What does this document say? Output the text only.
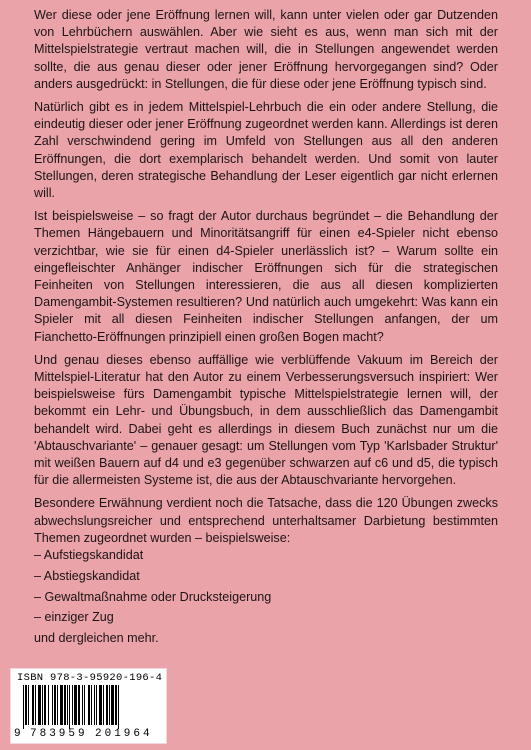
Wer diese oder jene Eröffnung lernen will, kann unter vielen oder gar Dutzenden von Lehrbüchern auswählen. Aber wie sieht es aus, wenn man sich mit der Mittelspielstrategie vertraut machen will, die in Stellungen angewendet werden sollte, die aus genau dieser oder jener Eröffnung hervorgegangen sind? Oder anders ausgedrückt: in Stellungen, die für diese oder jene Eröffnung typisch sind.

Natürlich gibt es in jedem Mittelspiel-Lehrbuch die ein oder andere Stellung, die eindeutig dieser oder jener Eröffnung zugeordnet werden kann. Allerdings ist deren Zahl verschwindend gering im Umfeld von Stellungen aus all den anderen Eröffnungen, die dort exemplarisch behandelt werden. Und somit von lauter Stellungen, deren strategische Behandlung der Leser eigentlich gar nicht erlernen will.

Ist beispielsweise – so fragt der Autor durchaus begründet – die Behandlung der Themen Hängebauern und Minoritätsangriff für einen e4-Spieler nicht ebenso verzichtbar, wie sie für einen d4-Spieler unerlässlich ist? – Warum sollte ein eingefleischter Anhänger indischer Eröffnungen sich für die strategischen Feinheiten von Stellungen interessieren, die aus all diesen komplizierten Damengambit-Systemen resultieren? Und natürlich auch umgekehrt: Was kann ein Spieler mit all diesen Feinheiten indischer Stellungen anfangen, der um Fianchetto-Eröffnungen prinzipiell einen großen Bogen macht?

Und genau dieses ebenso auffällige wie verblüffende Vakuum im Bereich der Mittelspiel-Literatur hat den Autor zu einem Verbesserungsversuch inspiriert: Wer beispielsweise fürs Damengambit typische Mittelspielstrategie lernen will, der bekommt ein Lehr- und Übungsbuch, in dem ausschließlich das Damengambit behandelt wird. Dabei geht es allerdings in diesem Buch zunächst nur um die 'Abtauschvariante' – genauer gesagt: um Stellungen vom Typ 'Karlsbader Struktur' mit weißen Bauern auf d4 und e3 gegenüber schwarzen auf c6 und d5, die typisch für die allermeisten Systeme ist, die aus der Abtauschvariante hervorgehen.

Besondere Erwähnung verdient noch die Tatsache, dass die 120 Übungen zwecks abwechslungsreicher und entsprechend unterhaltsamer Darbietung bestimmten Themen zugeordnet wurden – beispielsweise:

– Aufstiegskandidat
– Abstiegskandidat
– Gewaltmaßnahme oder Drucksteigerung
– einziger Zug

und dergleichen mehr.

ISBN 978-3-95920-196-4
9 783959 201964
